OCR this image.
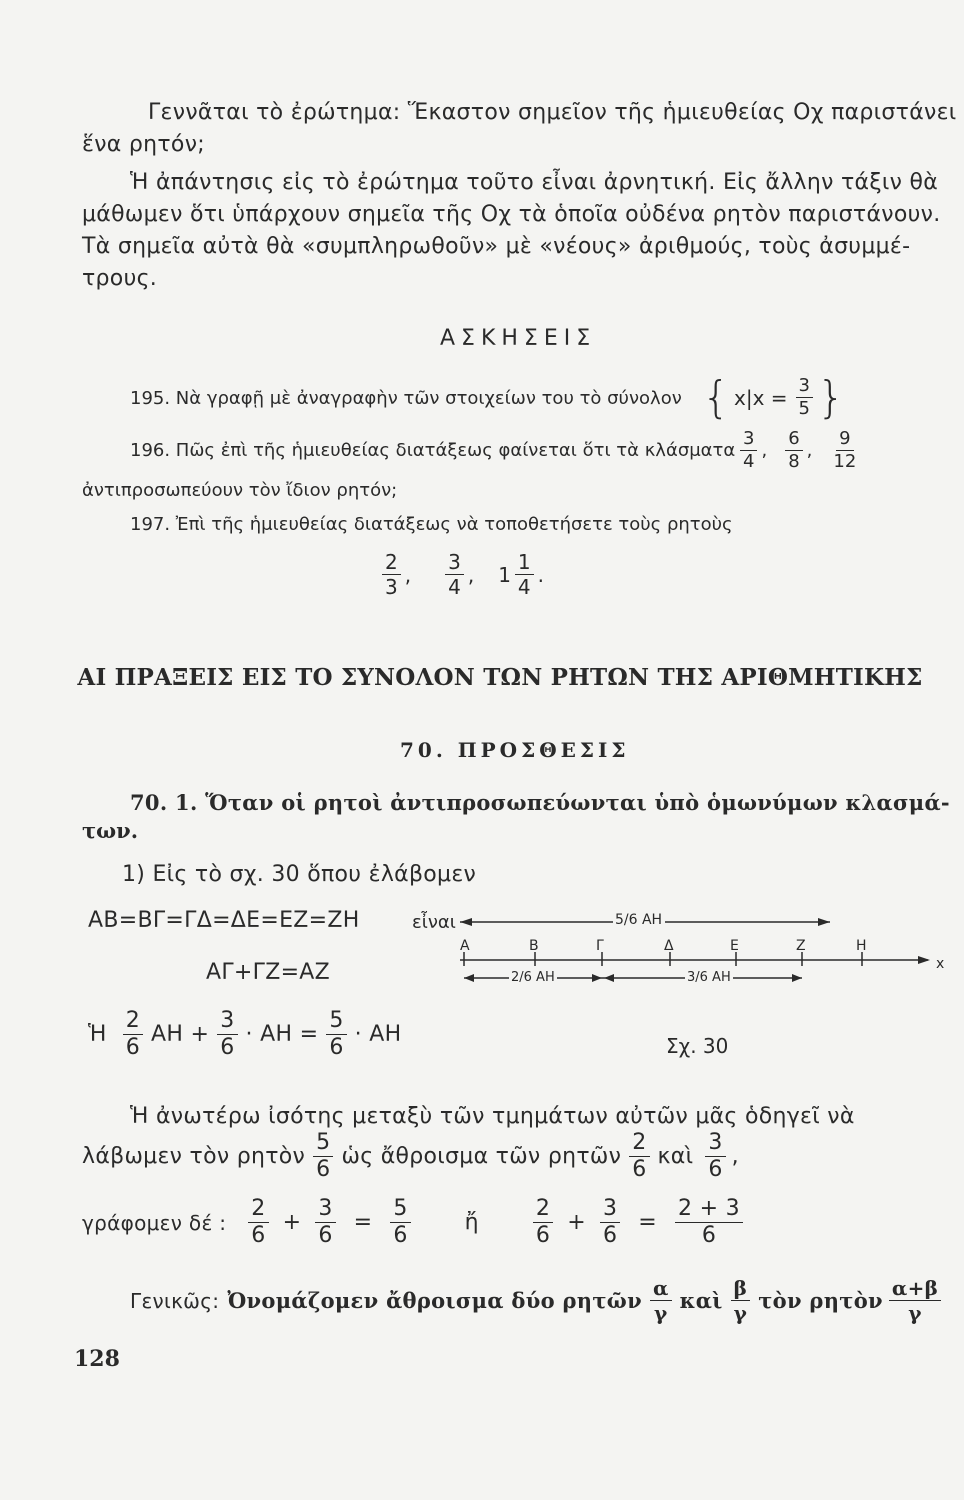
Γεννᾶται τὸ ἐρώτημα: Ἕκαστον σημεῖον τῆς ἡμιευθείας Οχ παριστάνει
ἕνα ρητόν;
Ἡ ἀπάντησις εἰς τὸ ἐρώτημα τοῦτο εἶναι ἀρνητική. Εἰς ἄλλην τάξιν θὰ
μάθωμεν ὅτι ὑπάρχουν σημεῖα τῆς Οχ τὰ ὁποῖα οὐδένα ρητὸν παριστάνουν.
Τὰ σημεῖα αὐτὰ θὰ «συμπληρωθοῦν» μὲ «νέους» ἀριθμούς, τοὺς ἀσυμμέ-
τρους.
ΑΣΚΗΣΕΙΣ
195. Νὰ γραφῇ μὲ ἀναγραφὴν τῶν στοιχείων του τὸ σύνολον { $x|x = \frac{3}{5}$ }
196. Πῶς ἐπὶ τῆς ἡμιευθείας διατάξεως φαίνεται ὅτι τὰ κλάσματα $\frac{3}{4}$ , $\frac{6}{8}$ , $\frac{9}{12}$
ἀντιπροσωπεύουν τὸν ἴδιον ρητόν;
197. Ἐπὶ τῆς ἡμιευθείας διατάξεως νὰ τοποθετήσετε τοὺς ρητοὺς
$\frac{2}{3}$ , $\frac{3}{4}$ , $1 \frac{1}{4}$ .
ΑΙ ΠΡΑΞΕΙΣ ΕΙΣ ΤΟ ΣΥΝΟΛΟΝ ΤΩΝ ΡΗΤΩΝ ΤΗΣ ΑΡΙΘΜΗΤΙΚΗΣ
70. ΠΡΟΣΘΕΣΙΣ
70. 1. Ὅταν οἱ ρητοὶ ἀντιπροσωπεύωνται ὑπὸ ὁμωνύμων κλασμά-
των.
1) Εἰς τὸ σχ. 30 ὅπου ἐλάβομεν
ΑΒ=ΒΓ=ΓΔ=ΔΕ=ΕΖ=ΖΗ	εἶναι
ΑΓ+ΓΖ=ΑΖ
5/6 ΑΗ
Α	Β	Γ	Δ	Ε	Ζ	Η
x
2/6 ΑΗ	3/6 ΑΗ
Ἡ $\frac{2}{6}$ $AH + \frac{3}{6} \cdot AH = \frac{5}{6} \cdot AH$	Σχ. 30
Ἡ ἀνωτέρω ἰσότης μεταξὺ τῶν τμημάτων αὐτῶν μᾶς ὁδηγεῖ νὰ
λάβωμεν τὸν ρητὸν $\frac{5}{6}$ ὡς ἄθροισμα τῶν ρητῶν $\frac{2}{6}$ καὶ $\frac{3}{6}$ ,
γράφομεν δέ : $\frac{2}{6} + \frac{3}{6} = \frac{5}{6}$ ἤ $\frac{2}{6} + \frac{3}{6} = \frac{2 + 3}{6}$
Γενικῶς: Ὀνομάζομεν ἄθροισμα δύο ρητῶν $\frac{\alpha}{\gamma}$ καὶ $\frac{\beta}{\gamma}$ τὸν ρητὸν $\frac{\alpha+\beta}{\gamma}$
128
